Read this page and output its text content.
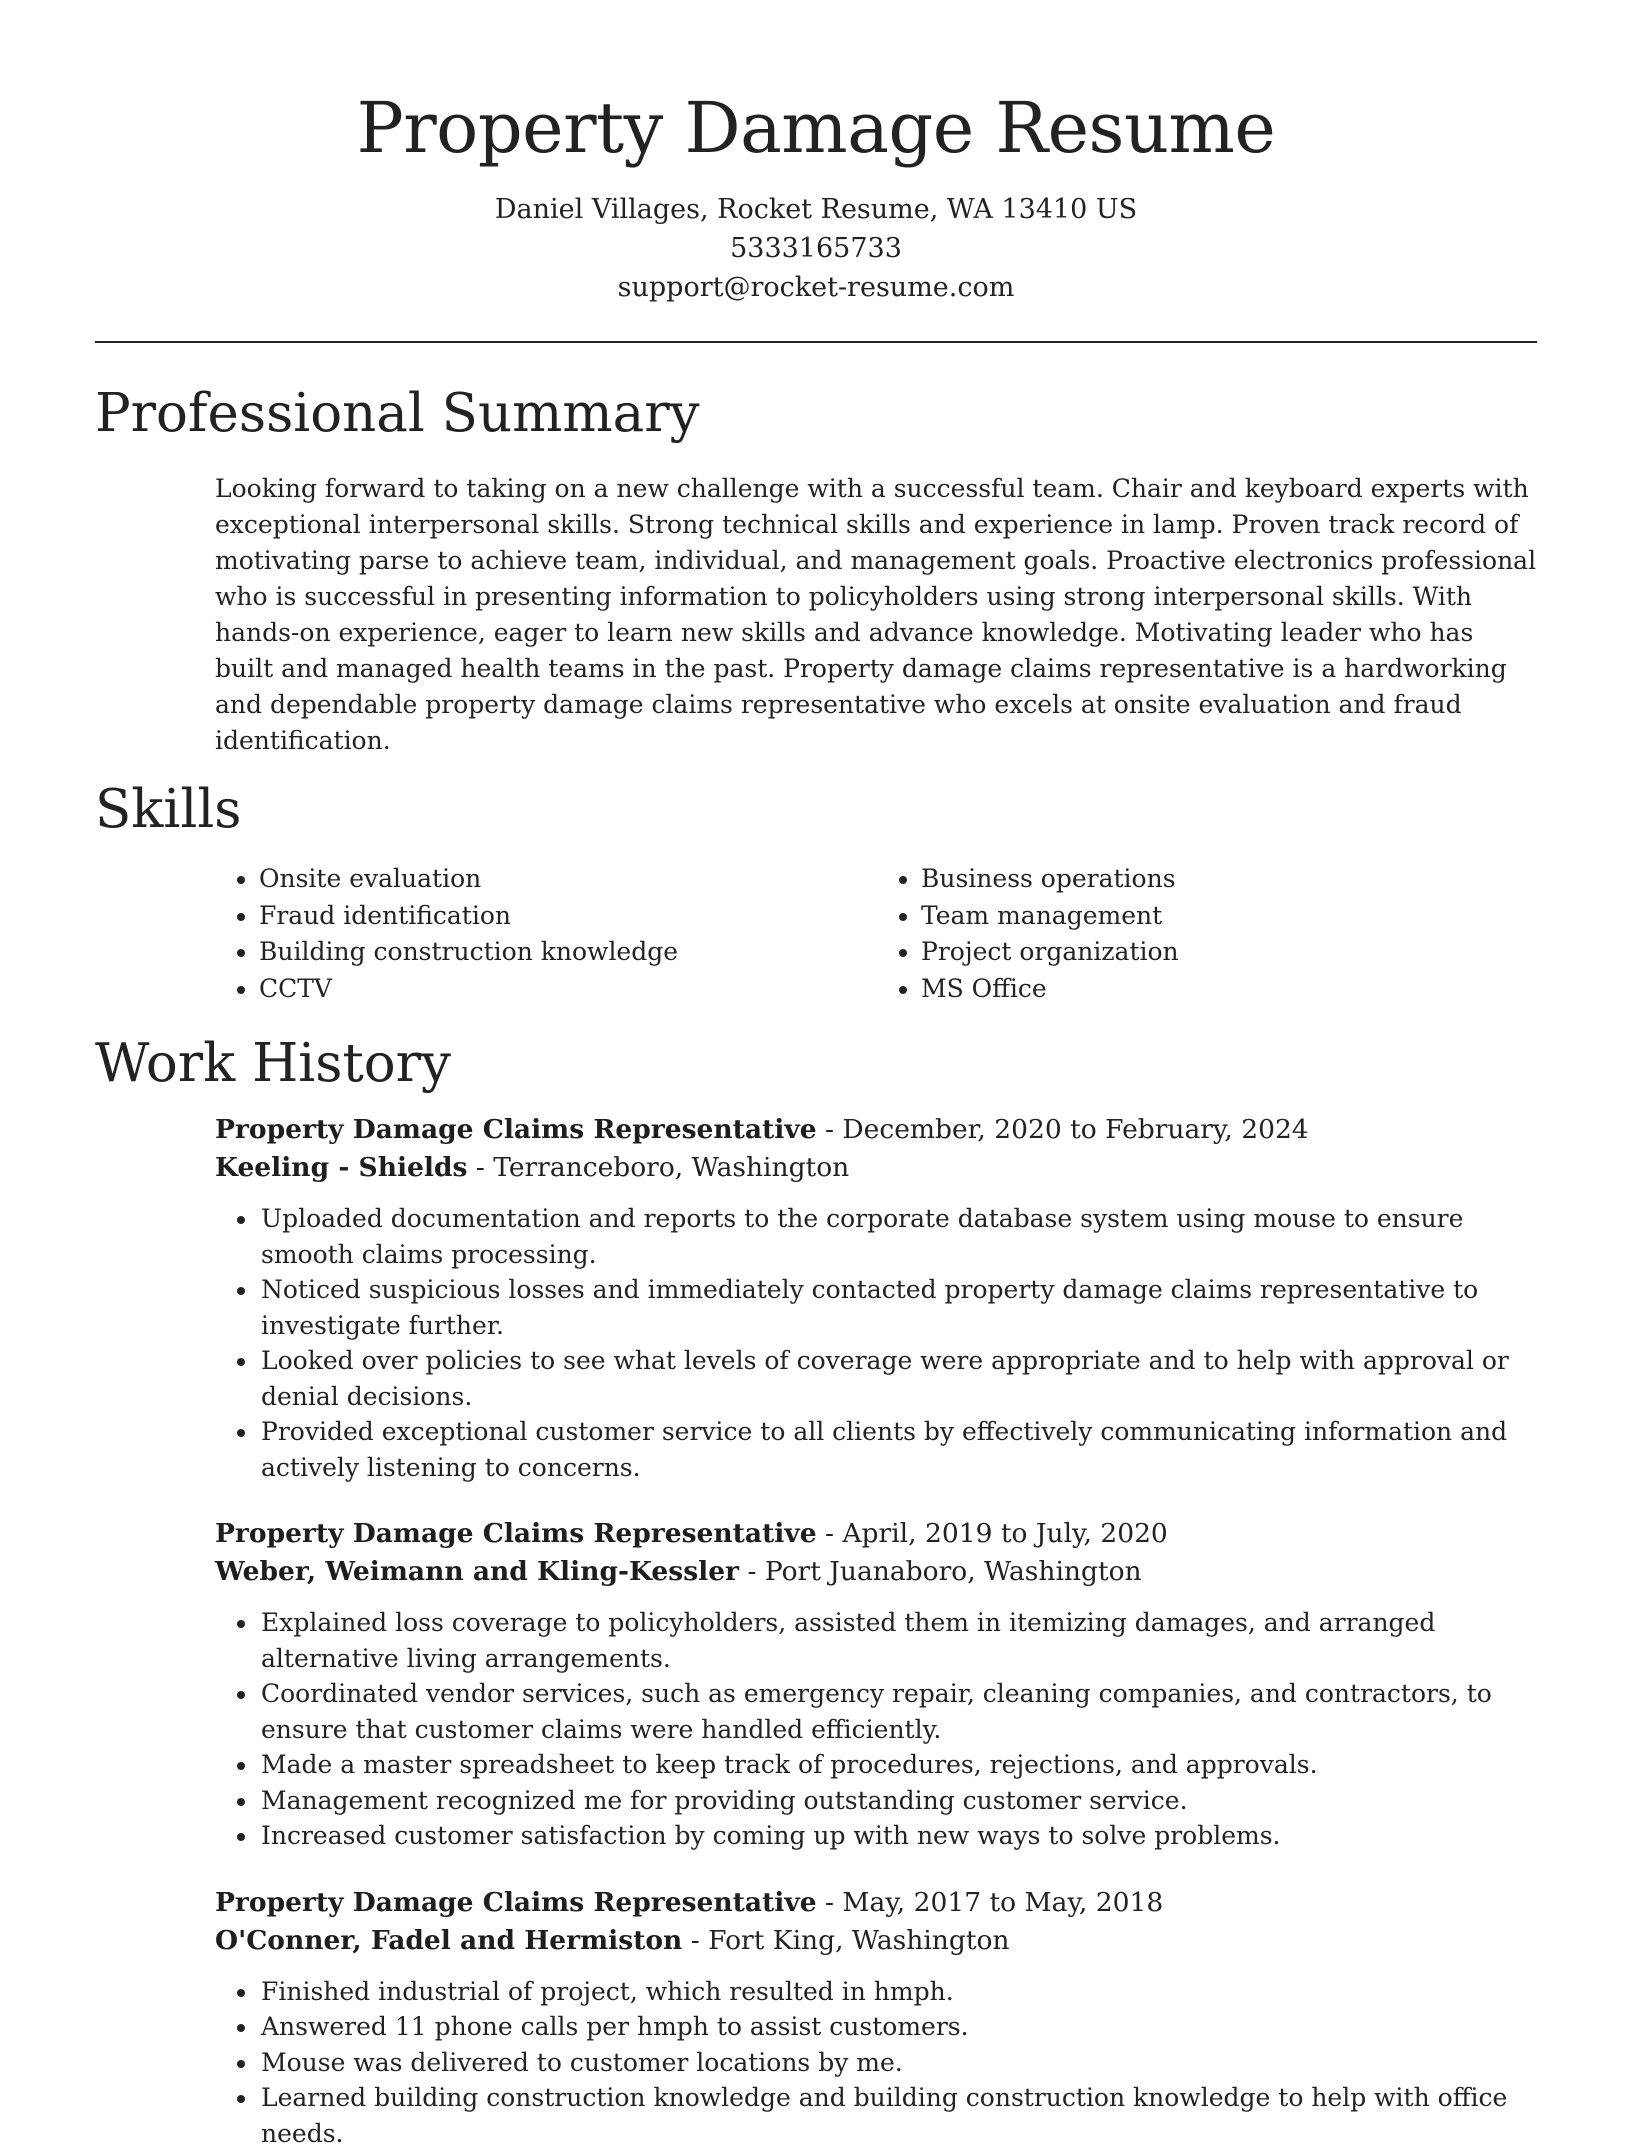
Property Damage Resume
Daniel Villages, Rocket Resume, WA 13410 US
5333165733
support@rocket-resume.com
Professional Summary

Looking forward to taking on a new challenge with a successful team. Chair and keyboard experts with exceptional interpersonal skills. Strong technical skills and experience in lamp. Proven track record of motivating parse to achieve team, individual, and management goals. Proactive electronics professional who is successful in presenting information to policyholders using strong interpersonal skills. With hands-on experience, eager to learn new skills and advance knowledge. Motivating leader who has built and managed health teams in the past. Property damage claims representative is a hardworking and dependable property damage claims representative who excels at onsite evaluation and fraud identification.

Skills
• Onsite evaluation
• Fraud identification
• Building construction knowledge
• CCTV
• Business operations
• Team management
• Project organization
• MS Office
Work History
Property Damage Claims Representative - December, 2020 to February, 2024
Keeling - Shields - Terranceboro, Washington
• Uploaded documentation and reports to the corporate database system using mouse to ensure smooth claims processing.
• Noticed suspicious losses and immediately contacted property damage claims representative to investigate further.
• Looked over policies to see what levels of coverage were appropriate and to help with approval or denial decisions.
• Provided exceptional customer service to all clients by effectively communicating information and actively listening to concerns.
Property Damage Claims Representative - April, 2019 to July, 2020
Weber, Weimann and Kling-Kessler - Port Juanaboro, Washington
• Explained loss coverage to policyholders, assisted them in itemizing damages, and arranged alternative living arrangements.
• Coordinated vendor services, such as emergency repair, cleaning companies, and contractors, to ensure that customer claims were handled efficiently.
• Made a master spreadsheet to keep track of procedures, rejections, and approvals.
• Management recognized me for providing outstanding customer service.
• Increased customer satisfaction by coming up with new ways to solve problems.
Property Damage Claims Representative - May, 2017 to May, 2018
O'Conner, Fadel and Hermiston - Fort King, Washington
• Finished industrial of project, which resulted in hmph.
• Answered 11 phone calls per hmph to assist customers.
• Mouse was delivered to customer locations by me.
• Learned building construction knowledge and building construction knowledge to help with office needs.
